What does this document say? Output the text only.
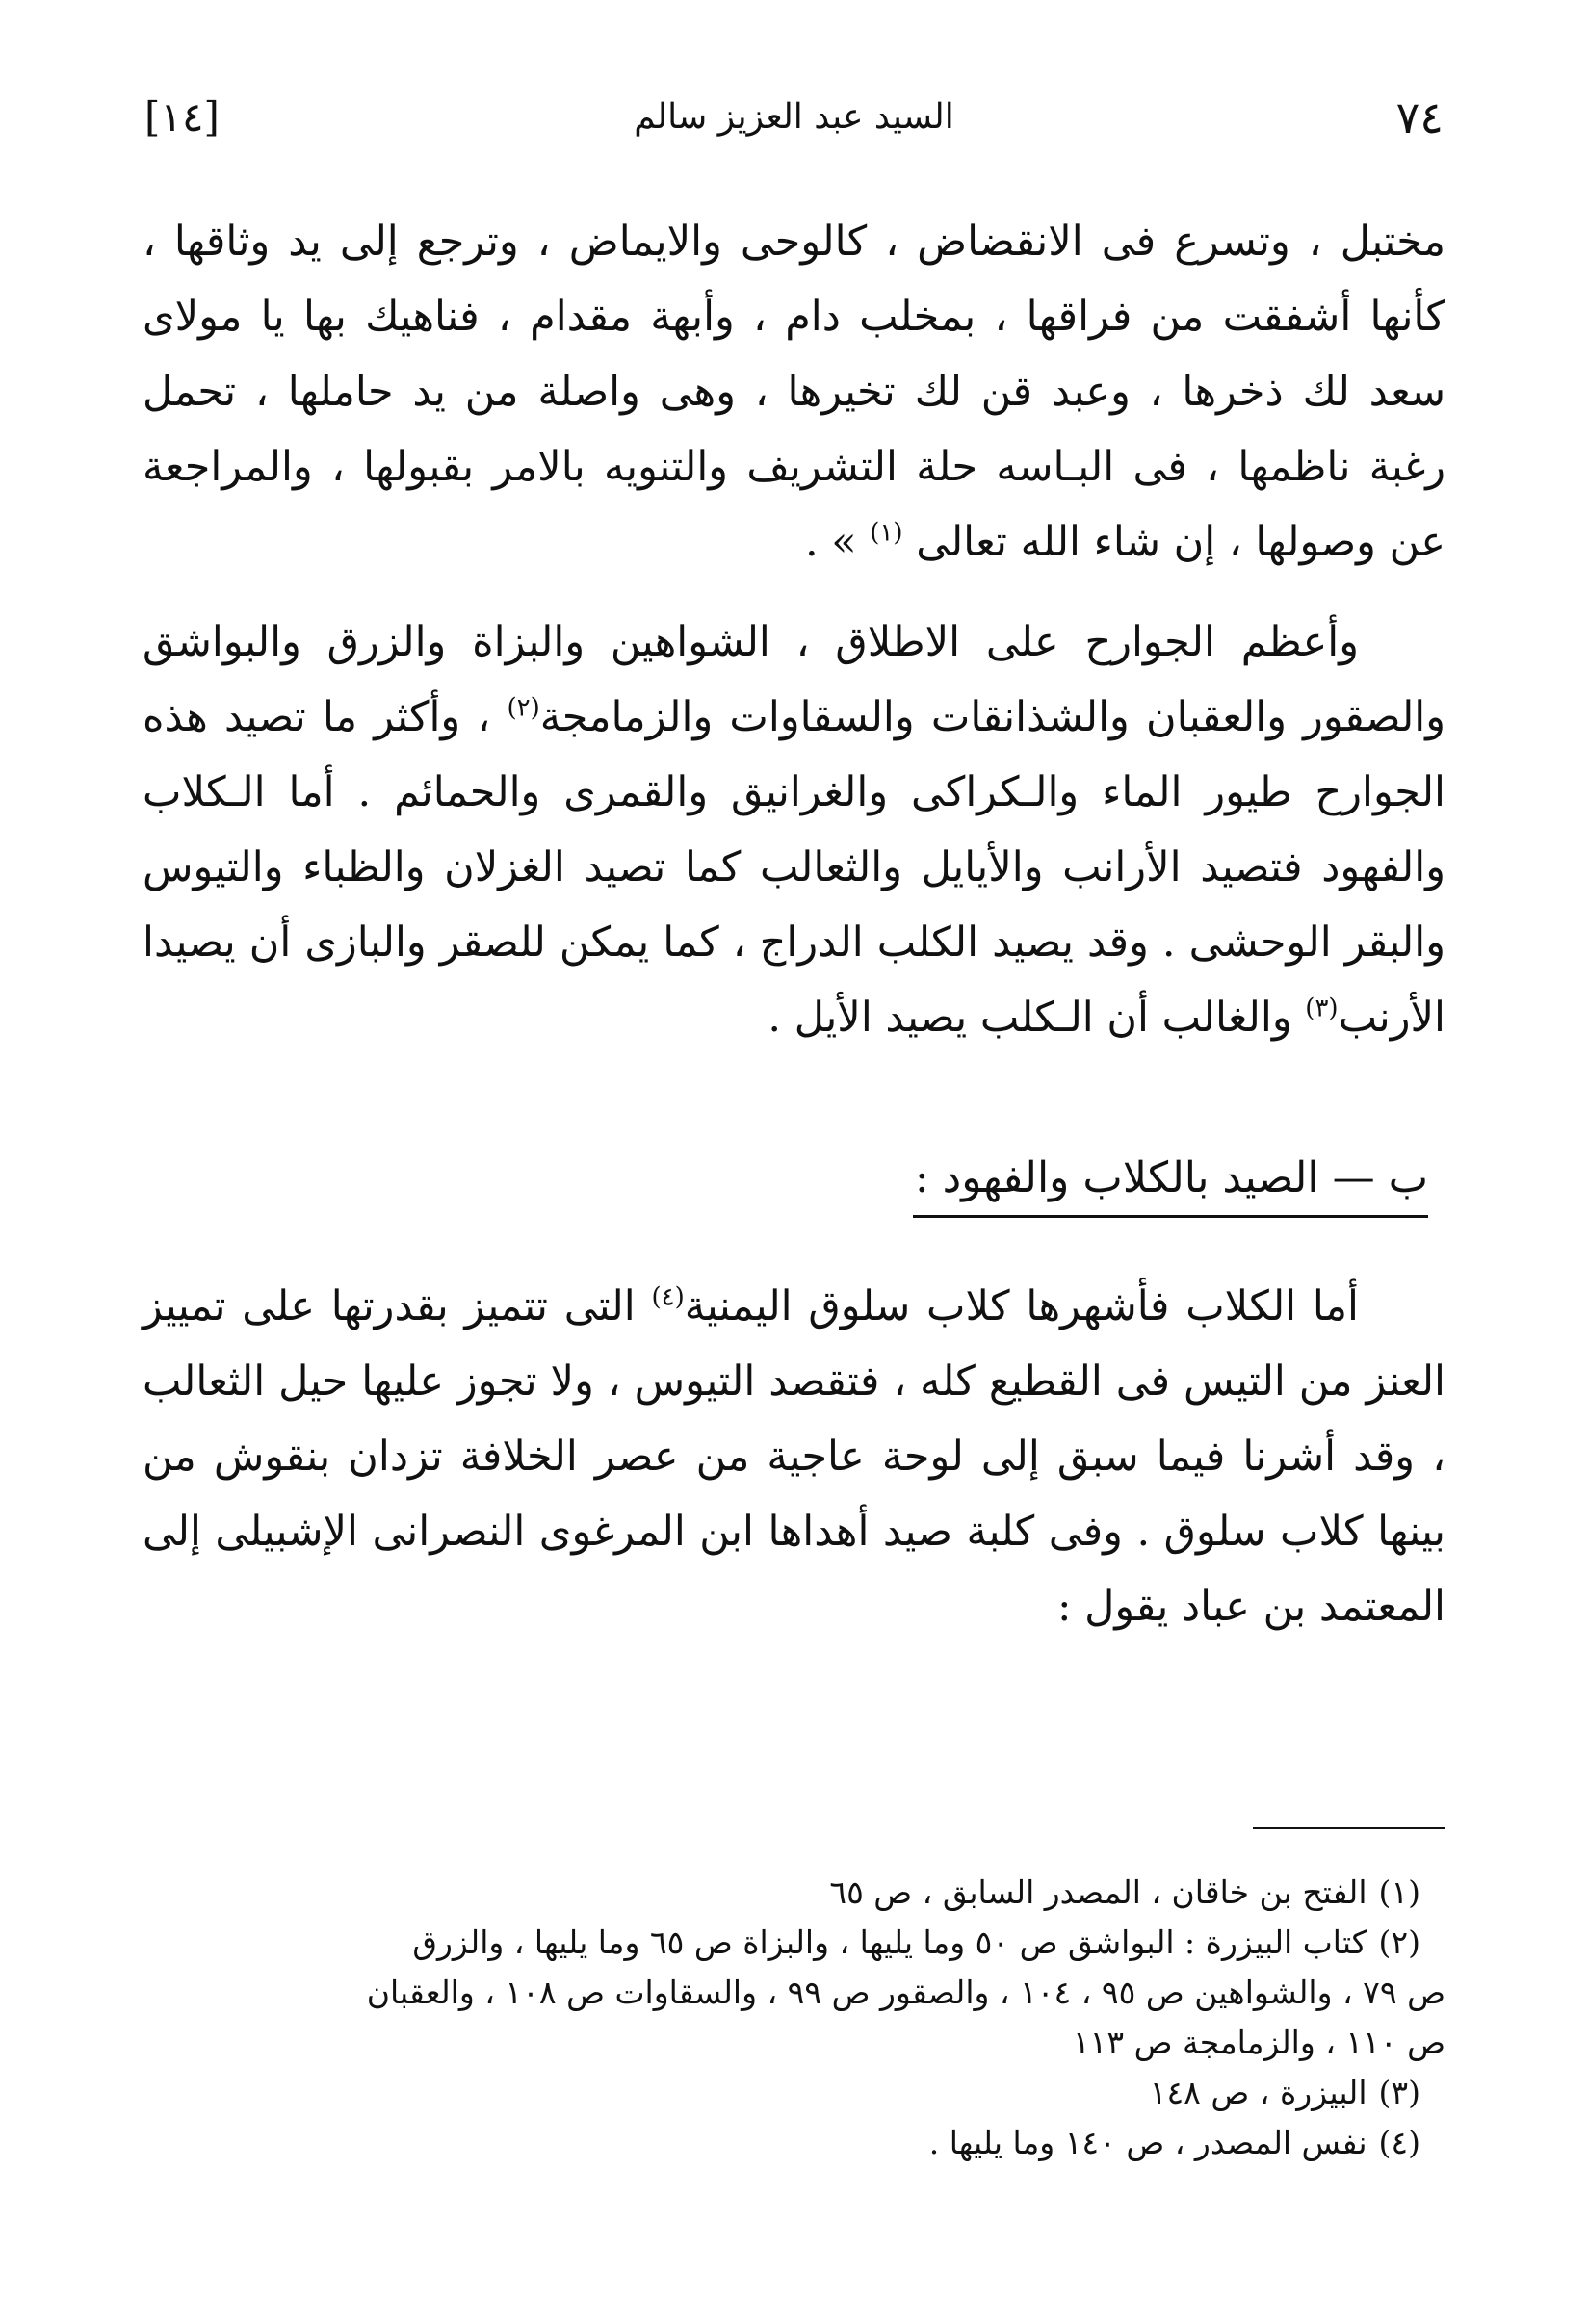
٧٤
السيد عبد العزيز سالم
[١٤]

مختبل ، وتسرع فى الانقضاض ، كالوحى والايماض ، وترجع إلى يد وثاقها ، كأنها أشفقت من فراقها ، بمخلب دام ، وأبهة مقدام ، فناهيك بها يا مولاى سعد لك ذخرها ، وعبد قن لك تخيرها ، وهى واصلة من يد حاملها ، تحمل رغبة ناظمها ، فى البـاسه حلة التشريف والتنويه بالامر بقبولها ، والمراجعة عن وصولها ، إن شاء الله تعالى $^{(١)}$ » .

وأعظم الجوارح على الاطلاق ، الشواهين والبزاة والزرق والبواشق والصقور والعقبان والشذانقات والسقاوات والزمامجة$^{(٢)}$ ، وأكثر ما تصيد هذه الجوارح طيور الماء والـكراكى والغرانيق والقمرى والحمائم . أما الـكلاب والفهود فتصيد الأرانب والأيايل والثعالب كما تصيد الغزلان والظباء والتيوس والبقر الوحشى . وقد يصيد الكلب الدراج ، كما يمكن للصقر والبازى أن يصيدا الأرنب$^{(٣)}$ والغالب أن الـكلب يصيد الأيل .

ب — الصيد بالكلاب والفهود :

أما الكلاب فأشهرها كلاب سلوق اليمنية$^{(٤)}$ التى تتميز بقدرتها على تمييز العنز من التيس فى القطيع كله ، فتقصد التيوس ، ولا تجوز عليها حيل الثعالب ، وقد أشرنا فيما سبق إلى لوحة عاجية من عصر الخلافة تزدان بنقوش من بينها كلاب سلوق . وفى كلبة صيد أهداها ابن المرغوى النصرانى الإشبيلى إلى المعتمد بن عباد يقول :

(١)الفتح بن خاقان ، المصدر السابق ، ص ٦٥

(٢)كتاب البيزرة : البواشق ص ٥٠ وما يليها ، والبزاة ص ٦٥ وما يليها ، والزرق

ص ٧٩ ، والشواهين ص ٩٥ ، ١٠٤ ، والصقور ص ٩٩ ، والسقاوات ص ١٠٨ ، والعقبان

ص ١١٠ ، والزمامجة ص ١١٣

(٣)البيزرة ، ص ١٤٨

(٤)نفس المصدر ، ص ١٤٠ وما يليها .
